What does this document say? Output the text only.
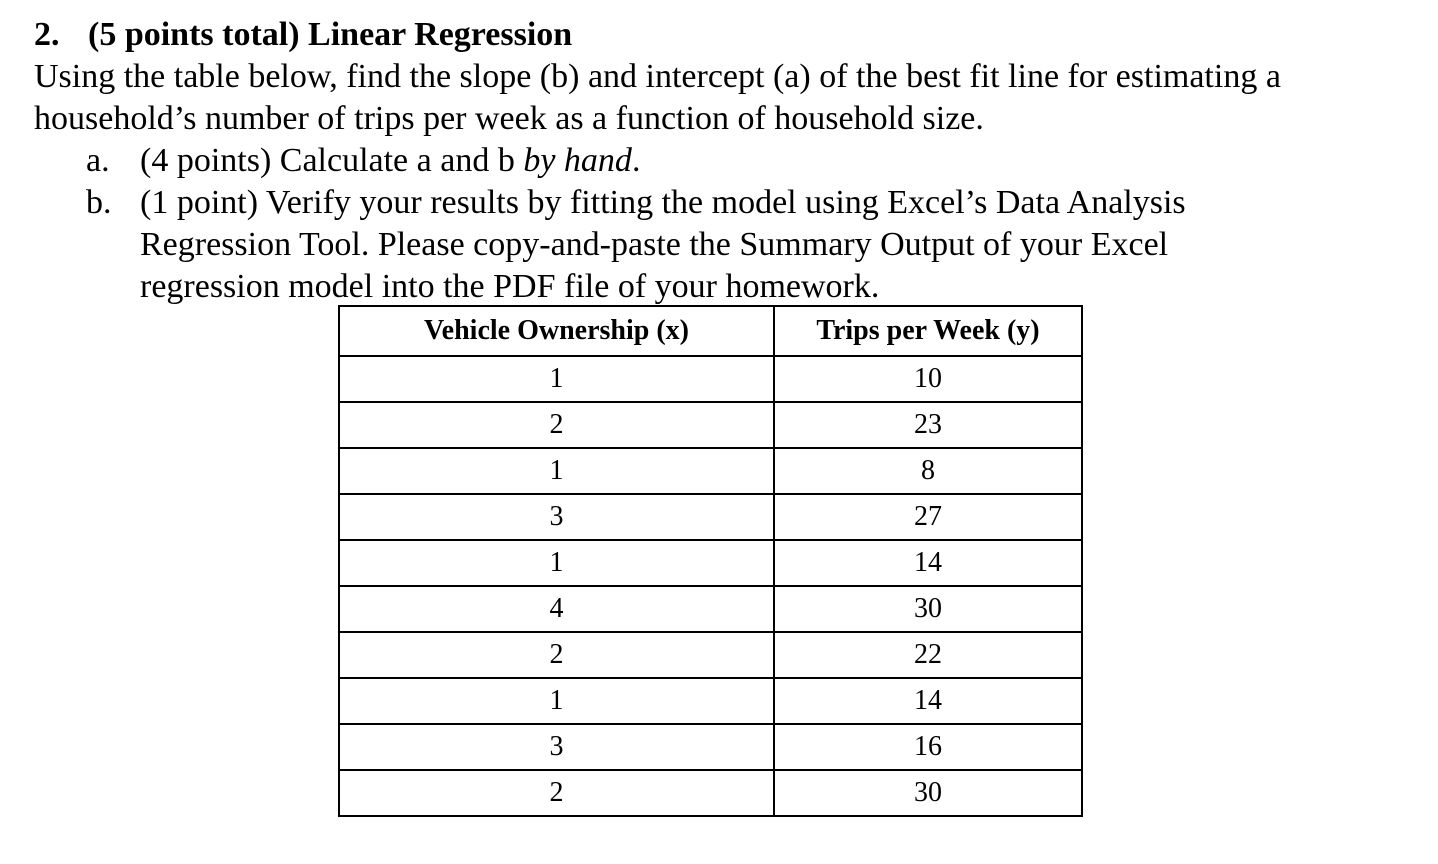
2. (5 points total) Linear Regression

Using the table below, find the slope (b) and intercept (a) of the best fit line for estimating a

household’s number of trips per week as a function of household size.

a. (4 points) Calculate a and b by hand.

b. (1 point) Verify your results by fitting the model using Excel’s Data Analysis

Regression Tool. Please copy-and-paste the Summary Output of your Excel

regression model into the PDF file of your homework.

Vehicle Ownership (x)	Trips per Week (y)
1	10
2	23
1	8
3	27
1	14
4	30
2	22
1	14
3	16
2	30
